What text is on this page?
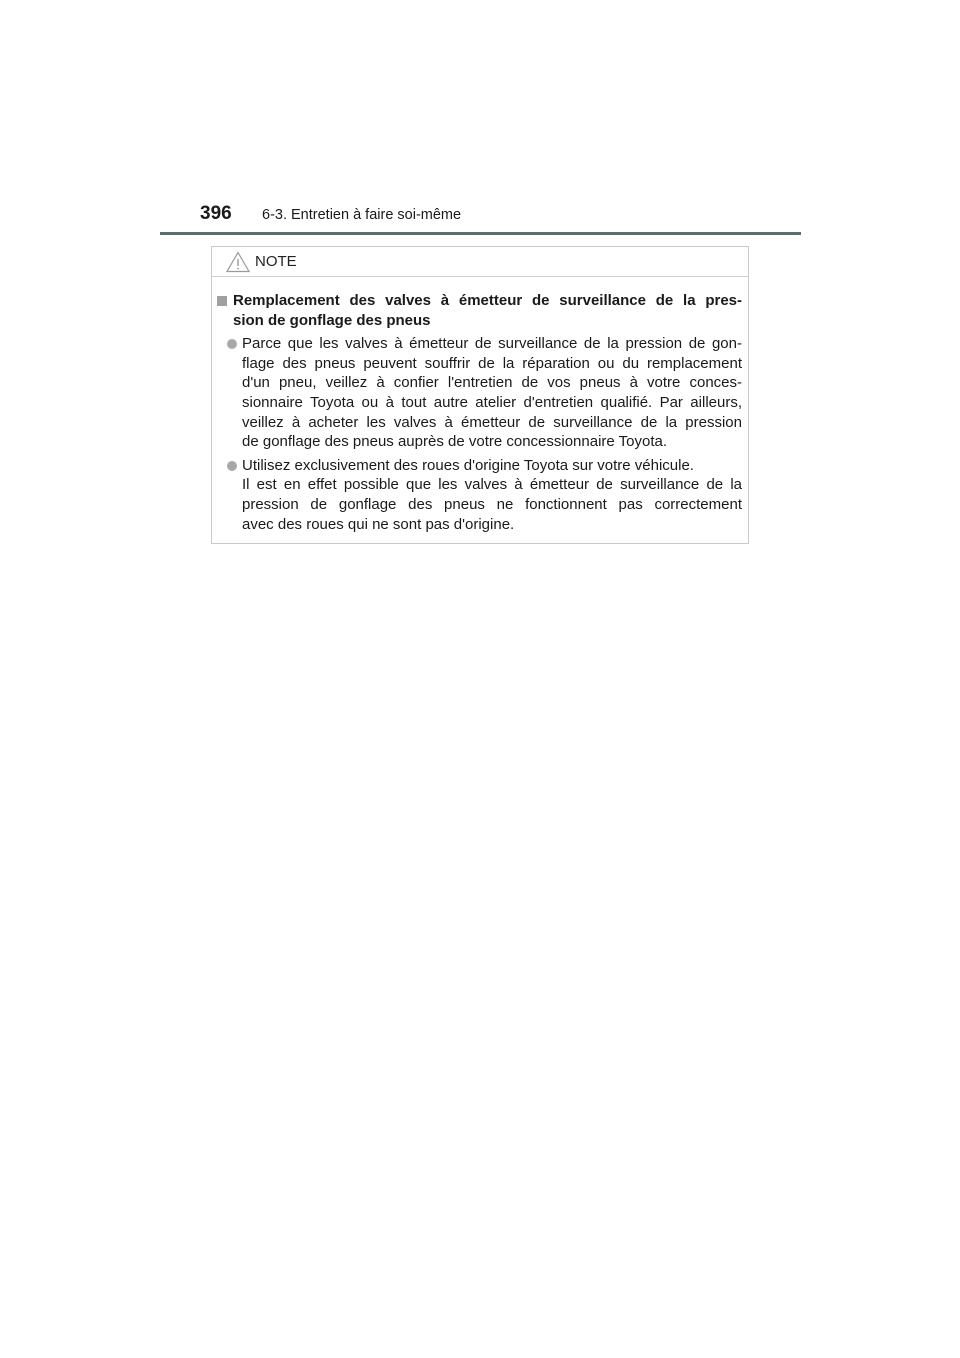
396	6-3. Entretien à faire soi-même
NOTE
Remplacement des valves à émetteur de surveillance de la pres-
sion de gonflage des pneus
Parce que les valves à émetteur de surveillance de la pression de gon-
flage des pneus peuvent souffrir de la réparation ou du remplacement
d'un pneu, veillez à confier l'entretien de vos pneus à votre conces-
sionnaire Toyota ou à tout autre atelier d'entretien qualifié. Par ailleurs,
veillez à acheter les valves à émetteur de surveillance de la pression
de gonflage des pneus auprès de votre concessionnaire Toyota.
Utilisez exclusivement des roues d'origine Toyota sur votre véhicule.
Il est en effet possible que les valves à émetteur de surveillance de la
pression de gonflage des pneus ne fonctionnent pas correctement
avec des roues qui ne sont pas d'origine.
